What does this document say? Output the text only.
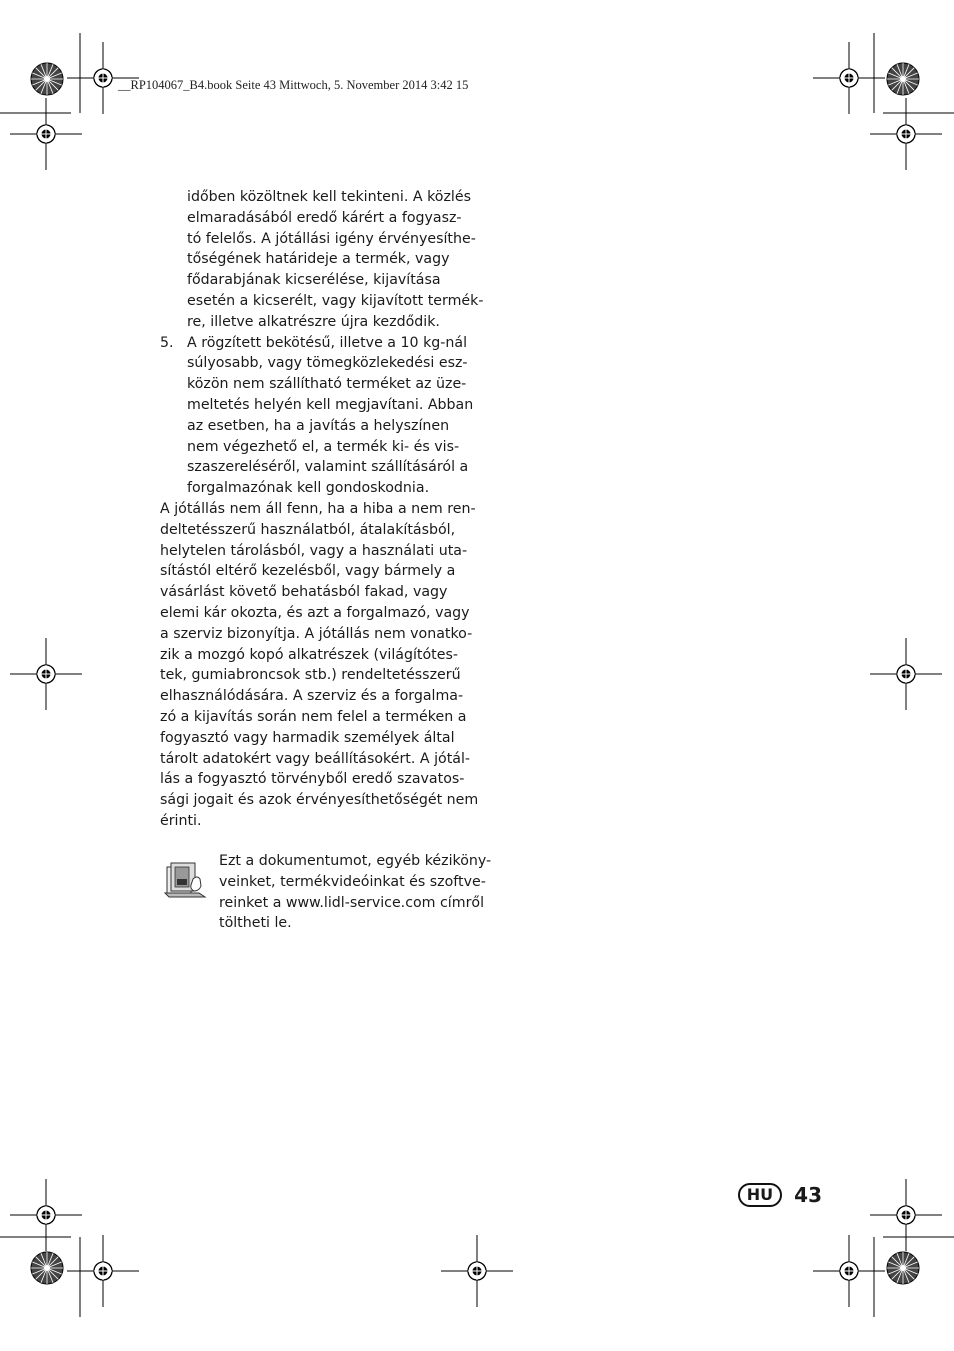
__RP104067_B4.book Seite 43 Mittwoch, 5. November 2014 3:42 15
időben közöltnek kell tekinteni. A közlés
elmaradásából eredő kárért a fogyasz-
tó felelős. A jótállási igény érvényesíthe-
tőségének határideje a termék, vagy
fődarabjának kicserélése, kijavítása
esetén a kicserélt, vagy kijavított termék-
re, illetve alkatrészre újra kezdődik.
5. A rögzített bekötésű, illetve a 10 kg-nál
súlyosabb, vagy tömegközlekedési esz-
közön nem szállítható terméket az üze-
meltetés helyén kell megjavítani. Abban
az esetben, ha a javítás a helyszínen
nem végezhető el, a termék ki- és vis-
szaszereléséről, valamint szállításáról a
forgalmazónak kell gondoskodnia.
A jótállás nem áll fenn, ha a hiba a nem ren-
deltetésszerű használatból, átalakításból,
helytelen tárolásból, vagy a használati uta-
sítástól eltérő kezelésből, vagy bármely a
vásárlást követő behatásból fakad, vagy
elemi kár okozta, és azt a forgalmazó, vagy
a szerviz bizonyítja. A jótállás nem vonatko-
zik a mozgó kopó alkatrészek (világítótes-
tek, gumiabroncsok stb.) rendeltetésszerű
elhasználódására. A szerviz és a forgalma-
zó a kijavítás során nem felel a terméken a
fogyasztó vagy harmadik személyek által
tárolt adatokért vagy beállításokért. A jótál-
lás a fogyasztó törvényből eredő szavatos-
sági jogait és azok érvényesíthetőségét nem
érinti.
Ezt a dokumentumot, egyéb kéziköny-
veinket, termékvideóinkat és szoftve-
reinket a www.lidl-service.com címről
töltheti le.
HU	43
